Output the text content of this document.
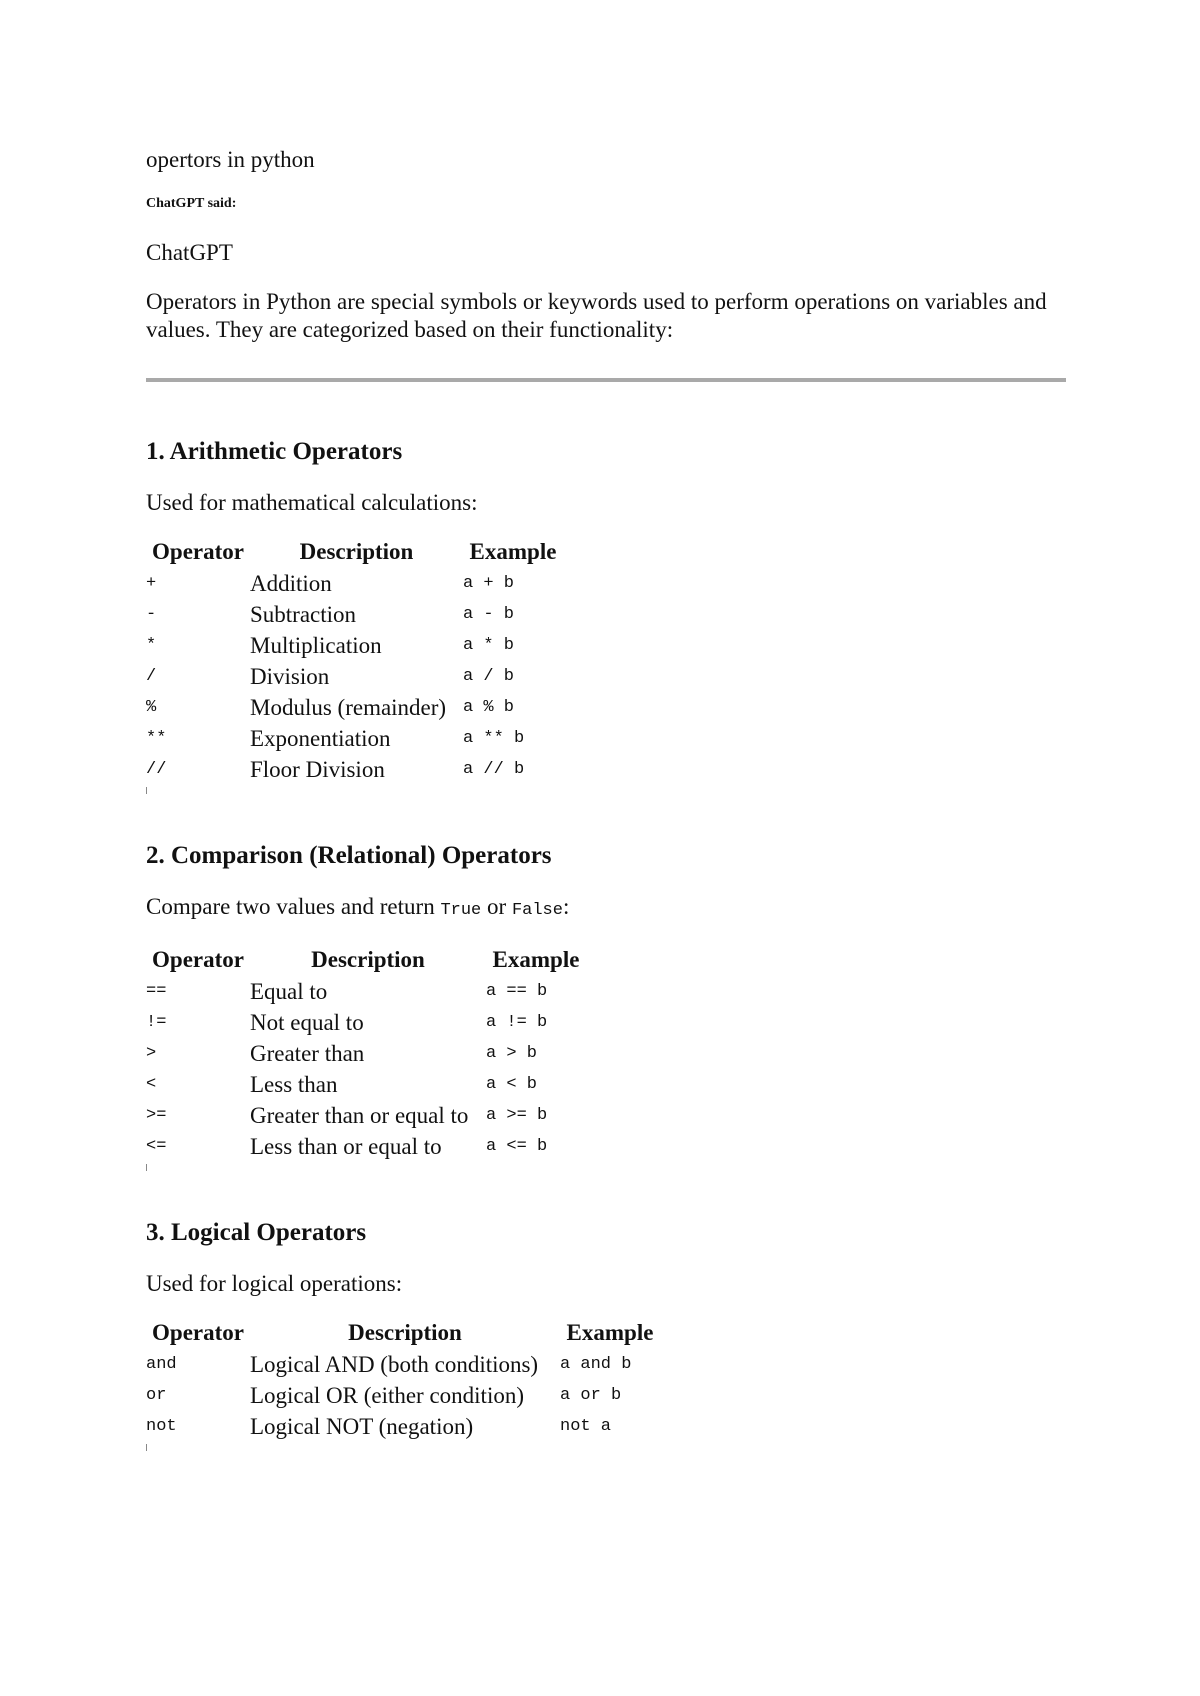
opertors in python

ChatGPT said:
ChatGPT
Operators in Python are special symbols or keywords used to perform operations on variables and values. They are categorized based on their functionality:
1. Arithmetic Operators
Used for mathematical calculations:
Operator	Description	Example
+	Addition	a + b
-	Subtraction	a - b
*	Multiplication	a * b
/	Division	a / b
%	Modulus (remainder)	a % b
**	Exponentiation	a ** b
//	Floor Division	a // b
2. Comparison (Relational) Operators
Compare two values and return True or False:
Operator	Description	Example
==	Equal to	a == b
!=	Not equal to	a != b
>	Greater than	a > b
<	Less than	a < b
>=	Greater than or equal to	a >= b
<=	Less than or equal to	a <= b
3. Logical Operators
Used for logical operations:
Operator	Description	Example
and	Logical AND (both conditions)	a and b
or	Logical OR (either condition)	a or b
not	Logical NOT (negation)	not a
